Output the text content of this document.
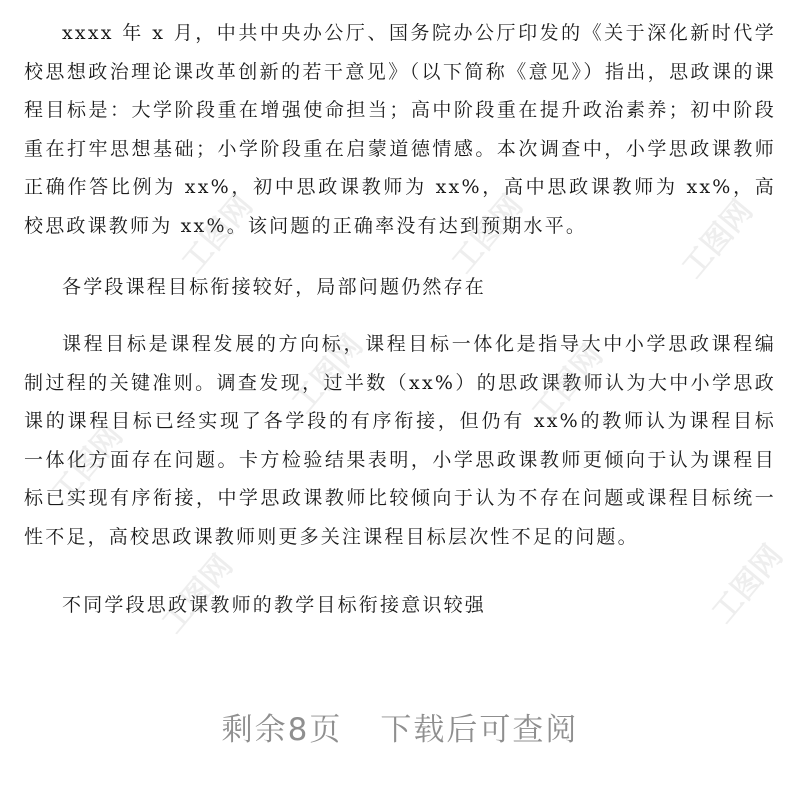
xxxx 年 x 月，中共中央办公厅、国务院办公厅印发的《关于深化新时代学校思想政治理论课改革创新的若干意见》（以下简称《意见》）指出，思政课的课程目标是：大学阶段重在增强使命担当；高中阶段重在提升政治素养；初中阶段重在打牢思想基础；小学阶段重在启蒙道德情感。本次调查中，小学思政课教师正确作答比例为 xx%，初中思政课教师为 xx%，高中思政课教师为 xx%，高校思政课教师为 xx%。该问题的正确率没有达到预期水平。

各学段课程目标衔接较好，局部问题仍然存在

课程目标是课程发展的方向标，课程目标一体化是指导大中小学思政课程编制过程的关键准则。调查发现，过半数（xx%）的思政课教师认为大中小学思政课的课程目标已经实现了各学段的有序衔接，但仍有 xx%的教师认为课程目标一体化方面存在问题。卡方检验结果表明，小学思政课教师更倾向于认为课程目标已实现有序衔接，中学思政课教师比较倾向于认为不存在问题或课程目标统一性不足，高校思政课教师则更多关注课程目标层次性不足的问题。

不同学段思政课教师的教学目标衔接意识较强

工图网	工图网	工图网
工图网
工图网	工图网
工图网
工图网
剩余8页 下载后可查阅
